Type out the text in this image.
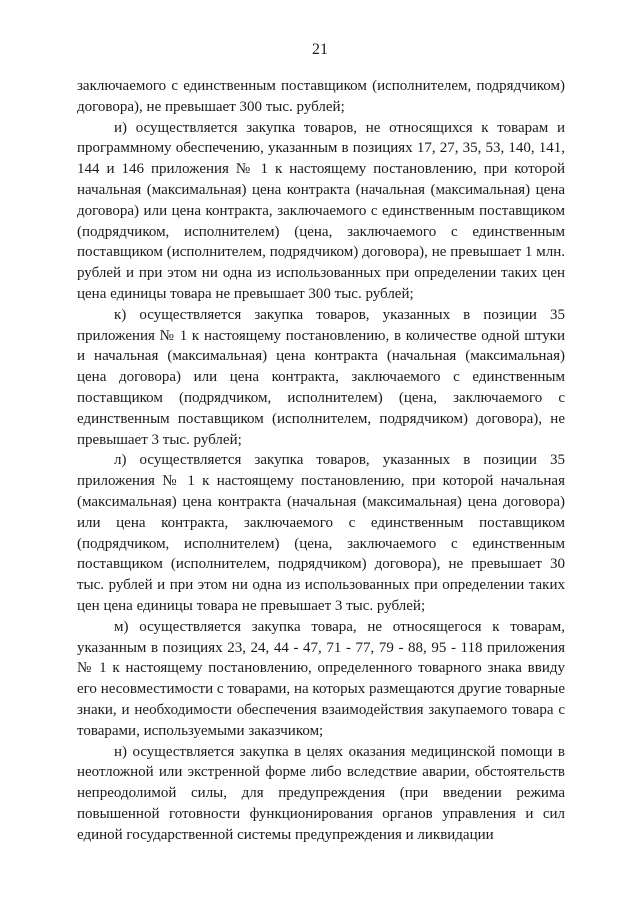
21

заключаемого с единственным поставщиком (исполнителем, подрядчиком) договора), не превышает 300 тыс. рублей;

и) осуществляется закупка товаров, не относящихся к товарам и программному обеспечению, указанным в позициях 17, 27, 35, 53, 140, 141, 144 и 146 приложения № 1 к настоящему постановлению, при которой начальная (максимальная) цена контракта (начальная (максимальная) цена договора) или цена контракта, заключаемого с единственным поставщиком (подрядчиком, исполнителем) (цена, заключаемого с единственным поставщиком (исполнителем, подрядчиком) договора), не превышает 1 млн. рублей и при этом ни одна из использованных при определении таких цен цена единицы товара не превышает 300 тыс. рублей;

к) осуществляется закупка товаров, указанных в позиции 35 приложения № 1 к настоящему постановлению, в количестве одной штуки и начальная (максимальная) цена контракта (начальная (максимальная) цена договора) или цена контракта, заключаемого с единственным поставщиком (подрядчиком, исполнителем) (цена, заключаемого с единственным поставщиком (исполнителем, подрядчиком) договора), не превышает 3 тыс. рублей;

л) осуществляется закупка товаров, указанных в позиции 35 приложения № 1 к настоящему постановлению, при которой начальная (максимальная) цена контракта (начальная (максимальная) цена договора) или цена контракта, заключаемого с единственным поставщиком (подрядчиком, исполнителем) (цена, заключаемого с единственным поставщиком (исполнителем, подрядчиком) договора), не превышает 30 тыс. рублей и при этом ни одна из использованных при определении таких цен цена единицы товара не превышает 3 тыс. рублей;

м) осуществляется закупка товара, не относящегося к товарам, указанным в позициях 23, 24, 44 - 47, 71 - 77, 79 - 88, 95 - 118 приложения № 1 к настоящему постановлению, определенного товарного знака ввиду его несовместимости с товарами, на которых размещаются другие товарные знаки, и необходимости обеспечения взаимодействия закупаемого товара с товарами, используемыми заказчиком;

н) осуществляется закупка в целях оказания медицинской помощи в неотложной или экстренной форме либо вследствие аварии, обстоятельств непреодолимой силы, для предупреждения (при введении режима повышенной готовности функционирования органов управления и сил единой государственной системы предупреждения и ликвидации
